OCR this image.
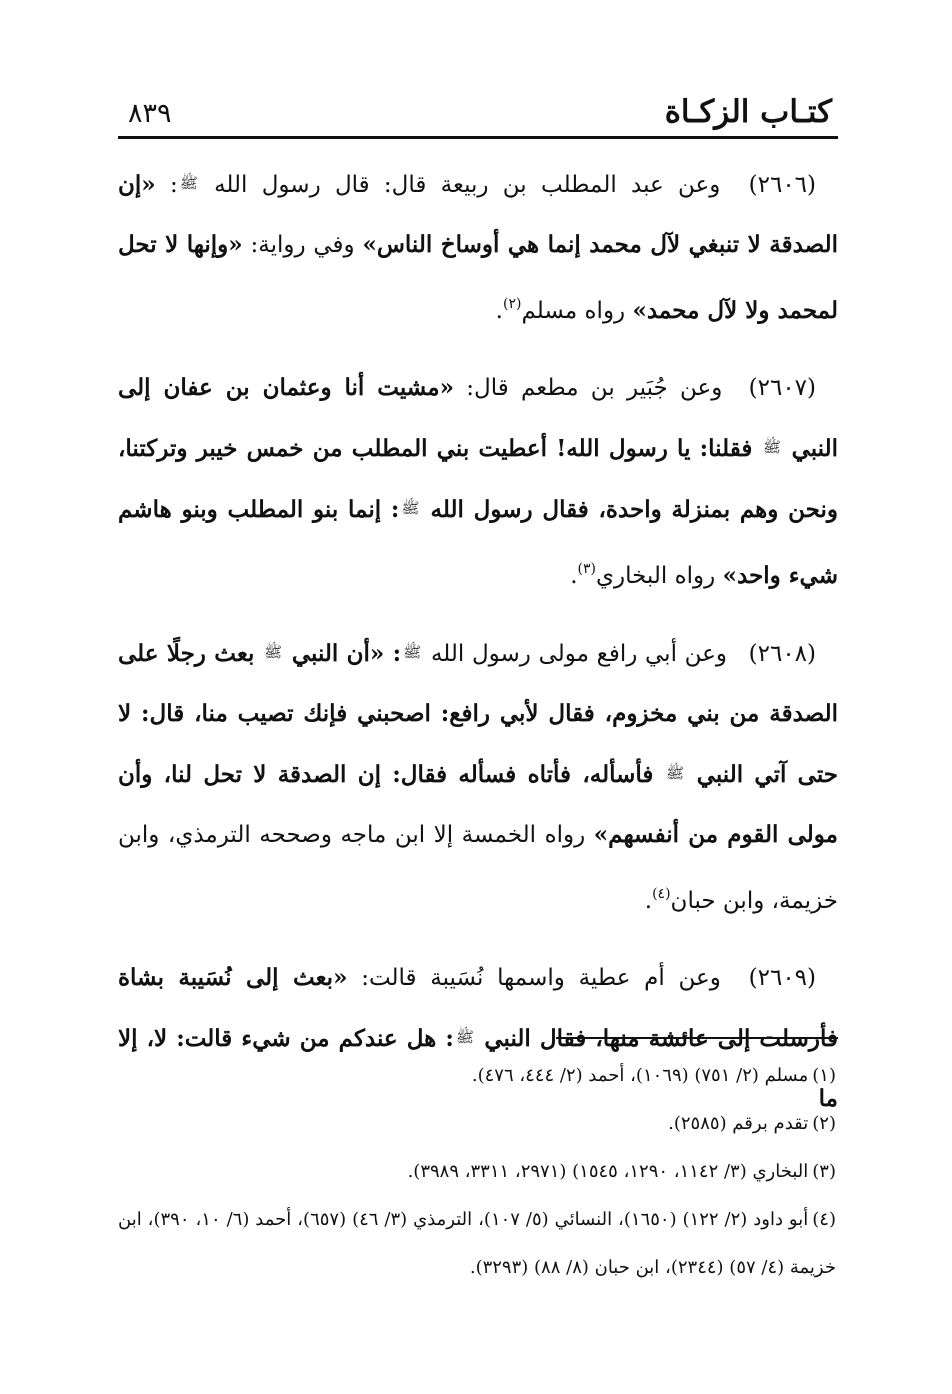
كتـاب الزكـاة
٨٣٩

(٢٦٠٦) وعن عبد المطلب بن ربيعة قال: قال رسول الله ﷺ: «إن الصدقة لا تنبغي لآل محمد إنما هي أوساخ الناس» وفي رواية: «وإنها لا تحل لمحمد ولا لآل محمد» رواه مسلم$^{(٢)}$.

(٢٦٠٧) وعن جُبَير بن مطعم قال: «مشيت أنا وعثمان بن عفان إلى النبي ﷺ فقلنا: يا رسول الله! أعطيت بني المطلب من خمس خيبر وتركتنا، ونحن وهم بمنزلة واحدة، فقال رسول الله ﷺ: إنما بنو المطلب وبنو هاشم شيء واحد» رواه البخاري$^{(٣)}$.

(٢٦٠٨) وعن أبي رافع مولى رسول الله ﷺ: «أن النبي ﷺ بعث رجلًا على الصدقة من بني مخزوم، فقال لأبي رافع: اصحبني فإنك تصيب منا، قال: لا حتى آتي النبي ﷺ فأسأله، فأتاه فسأله فقال: إن الصدقة لا تحل لنا، وأن مولى القوم من أنفسهم» رواه الخمسة إلا ابن ماجه وصححه الترمذي، وابن خزيمة، وابن حبان$^{(٤)}$.

(٢٦٠٩) وعن أم عطية واسمها نُسَيبة قالت: «بعث إلى نُسَيبة بشاة فأرسلت إلى عائشة منها، فقال النبي ﷺ: هل عندكم من شيء قالت: لا، إلا ما

(١)مسلم (٢/ ٧٥١) (١٠٦٩)، أحمد (٢/ ٤٤٤، ٤٧٦).

(٢)تقدم برقم (٢٥٨٥).

(٣)البخاري (٣/ ١١٤٢، ١٢٩٠، ١٥٤٥) (٢٩٧١، ٣٣١١، ٣٩٨٩).

(٤)أبو داود (٢/ ١٢٢) (١٦٥٠)، النسائي (٥/ ١٠٧)، الترمذي (٣/ ٤٦) (٦٥٧)، أحمد (٦/ ١٠، ٣٩٠)، ابن خزيمة (٤/ ٥٧) (٢٣٤٤)، ابن حبان (٨/ ٨٨) (٣٢٩٣).
